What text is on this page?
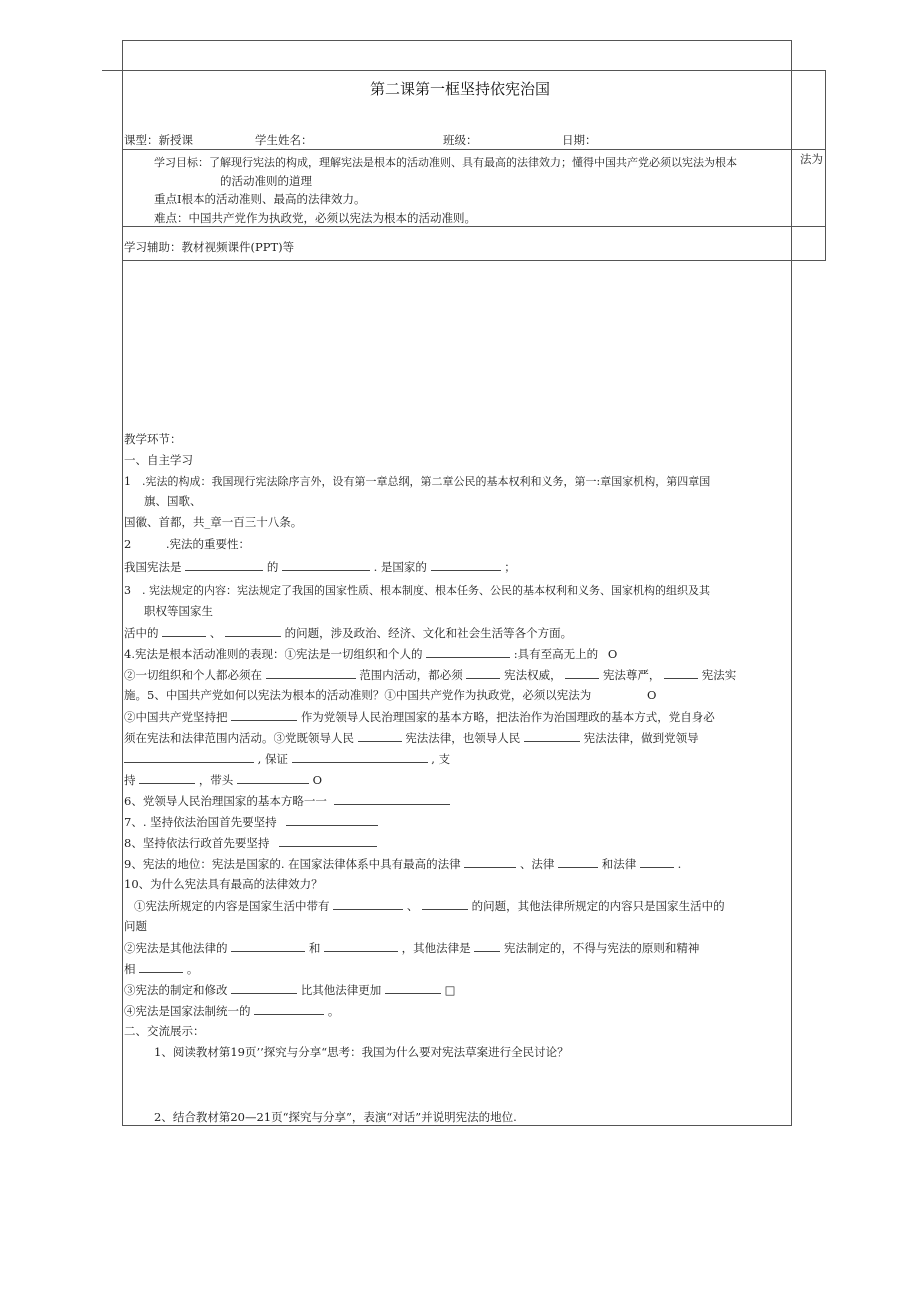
第二课第一框坚持依宪治国
课型：新授课	学生姓名：	班级：	日期：
学习目标：了解现行宪法的构成，理解宪法是根本的活动准则、具有最高的法律效力；懂得中国共产党必须以宪法为根本	法为
的活动准则的道理
重点I根本的活动准则、最高的法律效力。
难点：中国共产党作为执政党，必须以宪法为根本的活动准则。
学习辅助：教材视频课件(PPT)等
教学环节：
一、自主学习
1　.宪法的构成：我国现行宪法除序言外，设有第一章总纲，第二章公民的基本权利和义务，第一:章国家机构，第四章国
旗、国歌、
国徽、首都，共_章一百三十八条。
2　　　.宪法的重要性：
我国宪法是	的	. 是国家的	；
3　. 宪法规定的内容：宪法规定了我国的国家性质、根本制度、根本任务、公民的基本权利和义务、国家机构的组织及其
职权等国家生
活中的	、	的问题，涉及政治、经济、文化和社会生活等各个方面。
4.宪法是根本活动准则的表现：①宪法是一切组织和个人的	:具有至高无上的 O
②一切组织和个人都必须在	范围内活动，都必须	宪法权威，	宪法尊严，	宪法实
施。5、中国共产党如何以宪法为根本的活动准则？①中国共产党作为执政党，必须以宪法为	O
②中国共产党坚持把	作为党领导人民治理国家的基本方略，把法治作为治国理政的基本方式，党自身必
须在宪法和法律范围内活动。③党既领导人民	宪法法律，也领导人民	宪法法律，做到党领导
, 保证	, 支
持	，带头	O
6、党领导人民治理国家的基本方略一一
7、. 坚持依法治国首先要坚持
8、坚持依法行政首先要坚持
9、宪法的地位：宪法是国家的. 在国家法律体系中具有最高的法律	、法律	和法律	.
10、为什么宪法具有最高的法律效力？
①宪法所规定的内容是国家生活中带有	、	的问题，其他法律所规定的内容只是国家生活中的
问题
②宪法是其他法律的	和	，其他法律是	宪法制定的，不得与宪法的原则和精神
相	。
③宪法的制定和修改	比其他法律更加	□
④宪法是国家法制统一的	。
二、交流展示：
1、阅读教材第19页’’探究与分享“思考：我国为什么要对宪法草案进行全民讨论？
2、结合教材第20—21页“探究与分享”，表演“对话”并说明宪法的地位.
